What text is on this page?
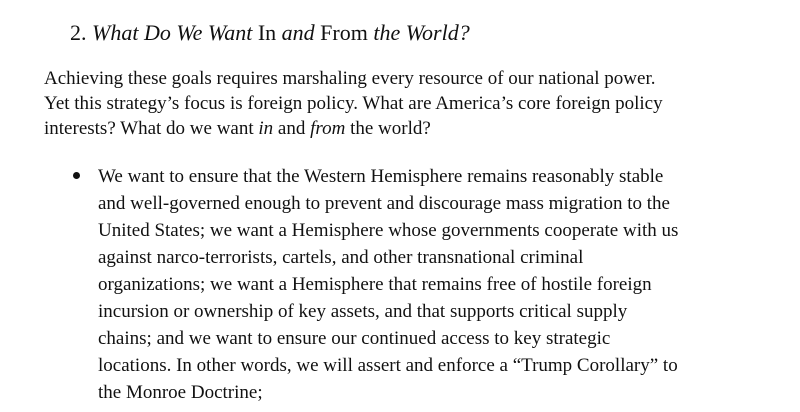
2. What Do We Want In and From the World?

Achieving these goals requires marshaling every resource of our national power.
Yet this strategy’s focus is foreign policy. What are America’s core foreign policy
interests? What do we want in and from the world?

We want to ensure that the Western Hemisphere remains reasonably stable
and well-governed enough to prevent and discourage mass migration to the
United States; we want a Hemisphere whose governments cooperate with us
against narco-terrorists, cartels, and other transnational criminal
organizations; we want a Hemisphere that remains free of hostile foreign
incursion or ownership of key assets, and that supports critical supply
chains; and we want to ensure our continued access to key strategic
locations. In other words, we will assert and enforce a “Trump Corollary” to
the Monroe Doctrine;
